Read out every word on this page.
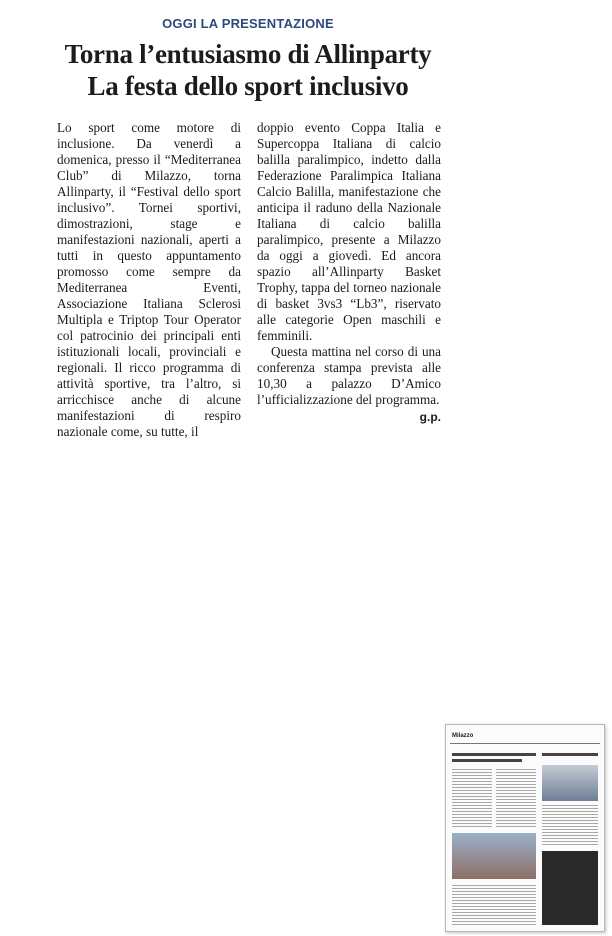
OGGI LA PRESENTAZIONE
Torna l’entusiasmo di Allinparty
La festa dello sport inclusivo

Lo sport come motore di inclusione. Da venerdì a domenica, presso il “Mediterranea Club” di Milazzo, torna Allinparty, il “Festival dello sport inclusivo”. Tornei sportivi, dimostrazioni, stage e manifestazioni nazionali, aperti a tutti in questo appuntamento promosso come sempre da Mediterranea Eventi, Associazione Italiana Sclerosi Multipla e Triptop Tour Operator col patrocinio dei principali enti istituzionali locali, provinciali e regionali. Il ricco programma di attività sportive, tra l’altro, si arricchisce anche di alcune manifestazioni di respiro nazionale come, su tutte, il

doppio evento Coppa Italia e Supercoppa Italiana di calcio balilla paralimpico, indetto dalla Federazione Paralimpica Italiana Calcio Balilla, manifestazione che anticipa il raduno della Nazionale Italiana di calcio balilla paralimpico, presente a Milazzo da oggi a giovedì. Ed ancora spazio all’Allinparty Basket Trophy, tappa del torneo nazionale di basket 3vs3 “Lb3”, riservato alle categorie Open maschili e femminili.

Questa mattina nel corso di una conferenza stampa prevista alle 10,30 a palazzo D’Amico l’ufficializzazione del programma.

g.p.
Milazzo
